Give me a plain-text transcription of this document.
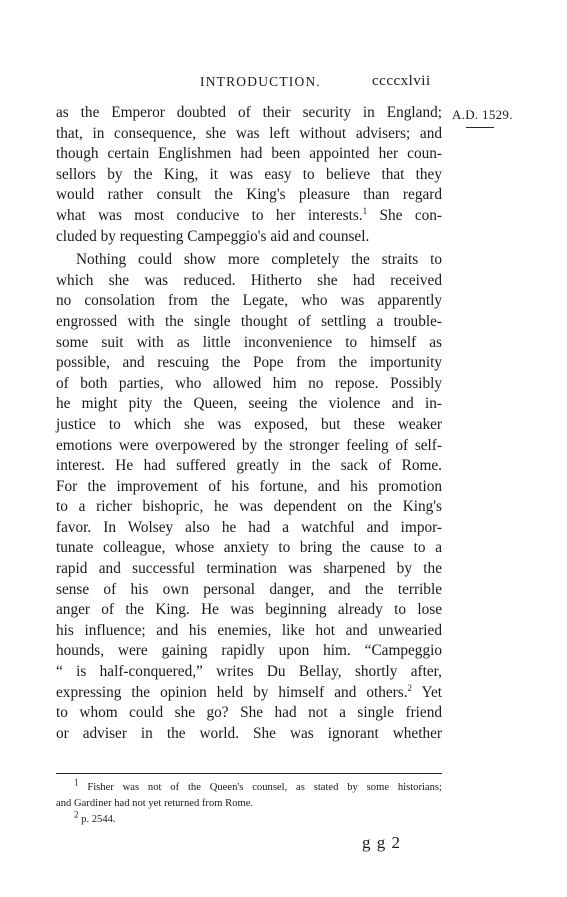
INTRODUCTION.	ccccxlvii
A.D. 1529.

as the Emperor doubted of their security in England;

that, in consequence, she was left without advisers; and

though certain Englishmen had been appointed her coun-

sellors by the King, it was easy to believe that they

would rather consult the King's pleasure than regard

what was most conducive to her interests.$^1$ She con-

cluded by requesting Campeggio's aid and counsel.

Nothing could show more completely the straits to

which she was reduced. Hitherto she had received

no consolation from the Legate, who was apparently

engrossed with the single thought of settling a trouble-

some suit with as little inconvenience to himself as

possible, and rescuing the Pope from the importunity

of both parties, who allowed him no repose. Possibly

he might pity the Queen, seeing the violence and in-

justice to which she was exposed, but these weaker

emotions were overpowered by the stronger feeling of self-

interest. He had suffered greatly in the sack of Rome.

For the improvement of his fortune, and his promotion

to a richer bishopric, he was dependent on the King's

favor. In Wolsey also he had a watchful and impor-

tunate colleague, whose anxiety to bring the cause to a

rapid and successful termination was sharpened by the

sense of his own personal danger, and the terrible

anger of the King. He was beginning already to lose

his influence; and his enemies, like hot and unwearied

hounds, were gaining rapidly upon him. “Campeggio

“ is half-conquered,” writes Du Bellay, shortly after,

expressing the opinion held by himself and others.$^2$ Yet

to whom could she go? She had not a single friend

or adviser in the world. She was ignorant whether

$^1$ Fisher was not of the Queen's counsel, as stated by some historians;

and Gardiner had not yet returned from Rome.

$^2$ p. 2544.

g g 2
